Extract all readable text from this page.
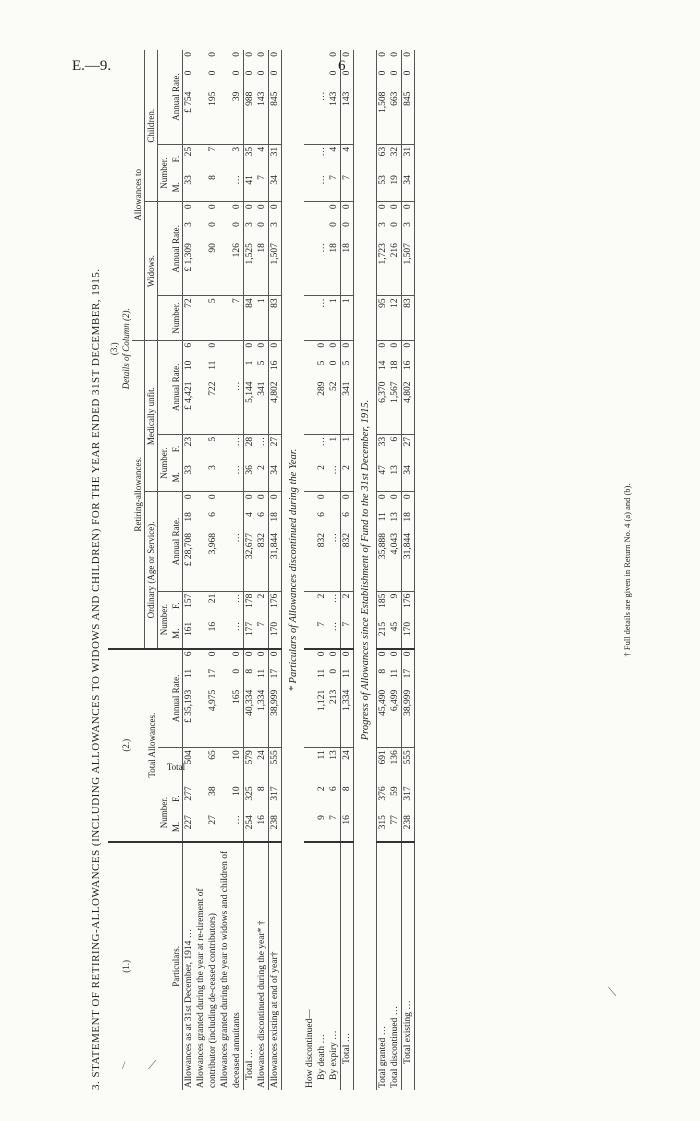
E.—9.	6
3. STATEMENT OF RETIRING-ALLOWANCES (INCLUDING ALLOWANCES TO WIDOWS AND CHILDREN) FOR THE YEAR ENDED 31ST DECEMBER, 1915. (1.)	(2.)						(3.) Details of Column (2).																		
Particulars.	Total Allowances.						Retiring-allowances.										Allowances to								
							Ordinary (Age or Service).					Medically unfit.					Widows.				Children.				
	Number.		Total	Annual Rate.			Number.		Annual Rate.			Number.		Annual Rate.			Number.	Annual Rate.			Number.		Annual Rate.		
	M.	F.					M.	F.				M.	F.								M.	F.			
Allowances as at 31st December, 1914 …	227	277	504	£ 35,193	11	6	161	157	£ 28,708	18	0	33	23	£ 4,421	10	6	72	£ 1,309	3	0	33	25	£ 754	0	0
Allowances granted during the year at re-tirement of contributor (including de-ceased contributors)	27	38	65	4,975	17	0	16	21	3,968	6	0	3	5	722	11	0	5	90	0	0	8	7	195	0	0
Allowances granted during the year to widows and children of deceased annuitants	…	10	10	165	0	0	…	…	…			…	…	…			7	126	0	0	…	3	39	0	0
Total …	254	325	579	40,334	8	0	177	178	32,677	4	0	36	28	5,144	1	0	84	1,525	3	0	41	35	988	0	0
Allowances discontinued during the year* †	16	8	24	1,334	11	0	7	2	832	6	0	2	…	341	5	0	1	18	0	0	7	4	143	0	0
Allowances existing at end of year†	238	317	555	38,999	17	0	170	176	31,844	18	0	34	27	4,802	16	0	83	1,507	3	0	34	31	845	0	0
* Particulars of Allowances discontinued during the Year.																									
How discontinued—																									
By death …	9	2	11	1,121	11	0	7	2	832	6	0	2	…	289	5	0	…	…			…	…	…		
By expiry …	7	6	13	213	0	0	…	…	…			…	1	52	0	0	1	18	0	0	7	4	143	0	0
Total …	16	8	24	1,334	11	0	7	2	832	6	0	2	1	341	5	0	1	18	0	0	7	4	143	0	0
Progress of Allowances since Establishment of Fund to the 31st December, 1915.																									
Total granted …	315	376	691	45,490	8	0	215	185	35,888	11	0	47	33	6,370	14	0	95	1,723	3	0	53	63	1,508	0	0
Total discontinued …	77	59	136	6,499	11	0	45	9	4,043	13	0	13	6	1,567	18	0	12	216	0	0	19	32	663	0	0
Total existing …	238	317	555	38,999	17	0	170	176	31,844	18	0	34	27	4,802	16	0	83	1,507	3	0	34	31	845	0	0
† Full details are given in Return No. 4 (a) and (b).
/ ⟋
⟍
